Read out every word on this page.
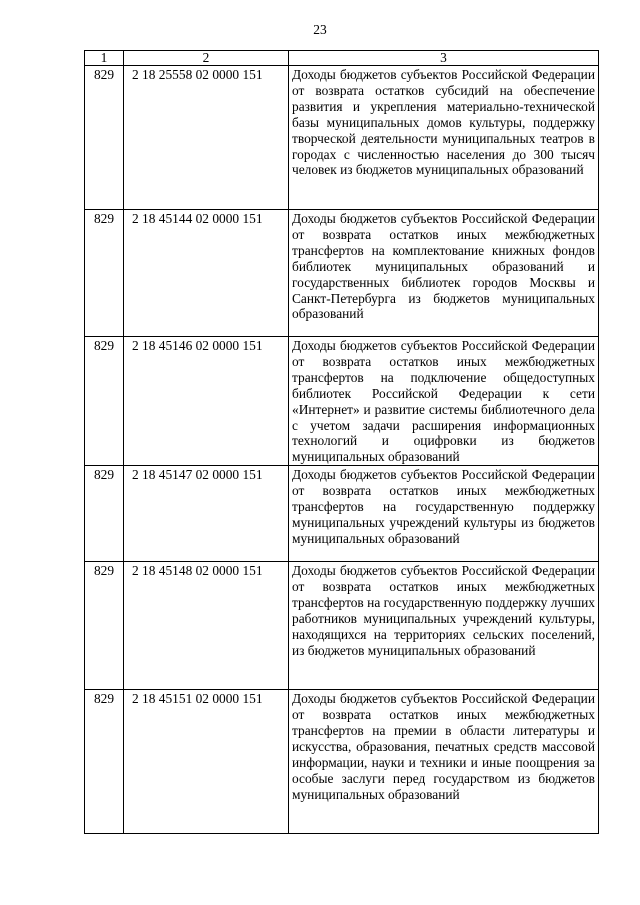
23
1	2	3
829	2 18 25558 02 0000 151	Доходы бюджетов субъектов Российской Федерации от возврата остатков субсидий на обеспечение развития и укрепления материально-технической базы муниципальных домов культуры, поддержку творческой деятельности муниципальных театров в городах с численностью населения до 300 тысяч человек из бюджетов муниципальных образований
829	2 18 45144 02 0000 151	Доходы бюджетов субъектов Российской Федерации от возврата остатков иных межбюджетных трансфертов на комплектование книжных фондов библиотек муниципальных образований и государственных библиотек городов Москвы и Санкт-Петербурга из бюджетов муниципальных образований
829	2 18 45146 02 0000 151	Доходы бюджетов субъектов Российской Федерации от возврата остатков иных межбюджетных трансфертов на подключение общедоступных библиотек Российской Федерации к сети «Интернет» и развитие системы библиотечного дела с учетом задачи расширения информационных технологий и оцифровки из бюджетов муниципальных образований
829	2 18 45147 02 0000 151	Доходы бюджетов субъектов Российской Федерации от возврата остатков иных межбюджетных трансфертов на государственную поддержку муниципальных учреждений культуры из бюджетов муниципальных образований
829	2 18 45148 02 0000 151	Доходы бюджетов субъектов Российской Федерации от возврата остатков иных межбюджетных трансфертов на государственную поддержку лучших работников муниципальных учреждений культуры, находящихся на территориях сельских поселений, из бюджетов муниципальных образований
829	2 18 45151 02 0000 151	Доходы бюджетов субъектов Российской Федерации от возврата остатков иных межбюджетных трансфертов на премии в области литературы и искусства, образования, печатных средств массовой информации, науки и техники и иные поощрения за особые заслуги перед государством из бюджетов муниципальных образований
